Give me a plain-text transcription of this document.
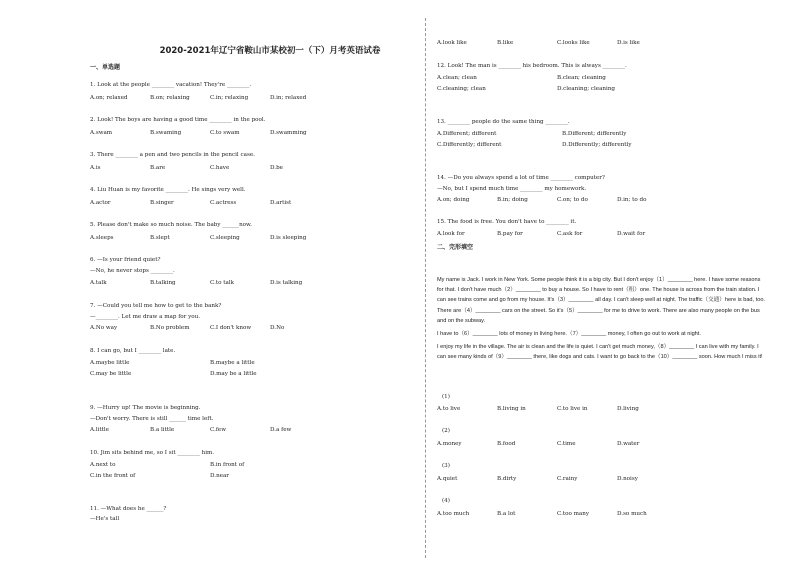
2020-2021年辽宁省鞍山市某校初一（下）月考英语试卷
一、单选题
1. Look at the people ________ vacation! They're ________.
A.on; relaxed	B.on; relaxing	C.in; relaxing	D.in; relaxed
2. Look! The boys are having a good time ________ in the pool.
A.swam	B.swaming	C.to swam	D.swamming
3. There ________ a pen and two pencils in the pencil case.
A.is	B.are	C.have	D.be
4. Liu Huan is my favorite ________. He sings very well.
A.actor	B.singer	C.actress	D.artist
5. Please don't make so much noise. The baby ______now.
A.sleeps	B.slept	C.sleeping	D.is sleeping
6. —Is your friend quiet?
—No, he never stops ________.
A.talk	B.talking	C.to talk	D.is talking
7. —Could you tell me how to get to the bank?
—________. Let me draw a map for you.
A.No way	B.No problem	C.I don't know	D.No
8. I can go, but I ________ late.
A.maybe little	B.maybe a little
C.may be little	D.may be a little
9. —Hurry up! The movie is beginning.
—Don't worry. There is still ______ time left.
A.little	B.a little	C.few	D.a few
10. Jim sits behind me, so I sit ________ him.
A.next to	B.in front of
C.in the front of	D.near
11. —What does he ______?
—He's tall
A.look like	B.like	C.looks like	D.is like
12. Look! The man is ________ his bedroom. This is always ________.
A.clean; clean	B.clean; cleaning
C.cleaning; clean	D.cleaning; cleaning
13. ________ people do the same thing ________.
A.Different; different	B.Different; differently
C.Differently; different	D.Differently; differently
14. —Do you always spend a lot of time ________ computer?
—No, but I spend much time ________ my homework.
A.on; doing	B.in; doing	C.on; to do	D.in; to do
15. The food is free. You don't have to ________ it.
A.look for	B.pay for	C.ask for	D.wait for
二、完形填空

My name is Jack. I work in New York. Some people think it is a big city. But I don't enjoy（1）________ here. I have some reasons for that. I don't have much（2）________ to buy a house. So I have to rent（租）one. The house is across from the train station. I can see trains come and go from my house. It's（3）________ all day. I can't sleep well at night. The traffic（交通）here is bad, too. There are（4）________ cars on the street. So it's（5）________ for me to drive to work. There are also many people on the bus and on the subway.

I have to（6）________ lots of money in living here.（7）________ money, I often go out to work at night.

I enjoy my life in the village. The air is clean and the life is quiet. I can't get much money,（8）________ I can live with my family. I can see many kinds of（9）________ there, like dogs and cats. I want to go back to the（10）________ soon. How much I miss it!

(1)
A.to live	B.living in	C.to live in	D.living
(2)
A.money	B.food	C.time	D.water
(3)
A.quiet	B.dirty	C.rainy	D.noisy
(4)
A.too much	B.a lot	C.too many	D.so much
